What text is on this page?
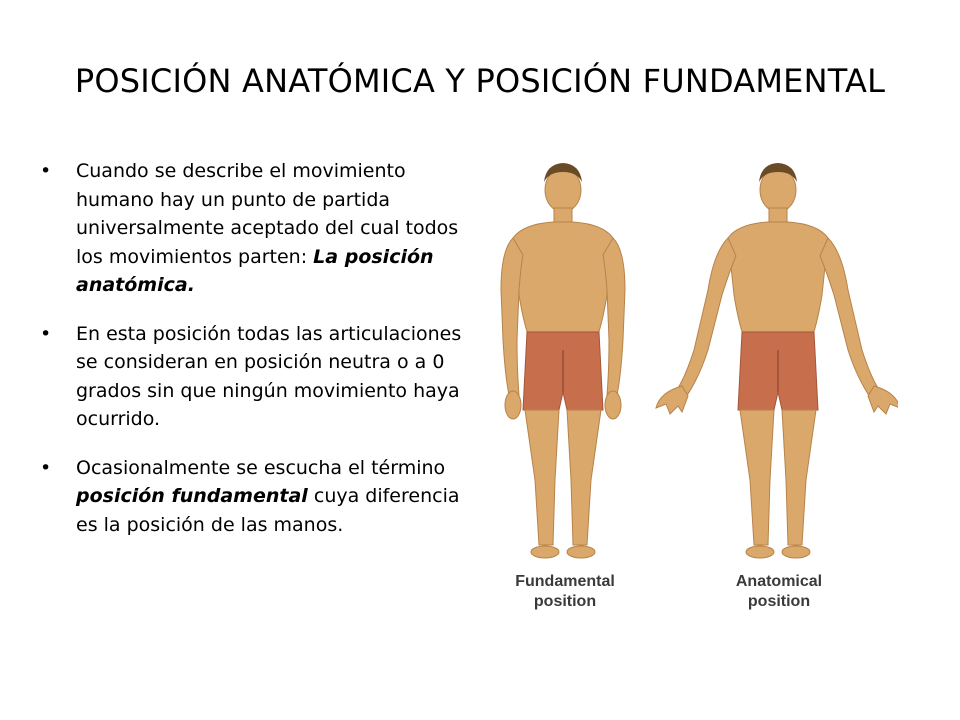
POSICIÓN ANATÓMICA Y POSICIÓN FUNDAMENTAL
•	Cuando se describe el movimiento humano hay un punto de partida universalmente aceptado del cual todos los movimientos parten: La posición anatómica.
•	En esta posición todas las articulaciones se consideran en posición neutra o a 0 grados sin que ningún movimiento haya ocurrido.
•	Ocasionalmente se escucha el término posición fundamental cuya diferencia es la posición de las manos.
Fundamental
position
Anatomical
position
